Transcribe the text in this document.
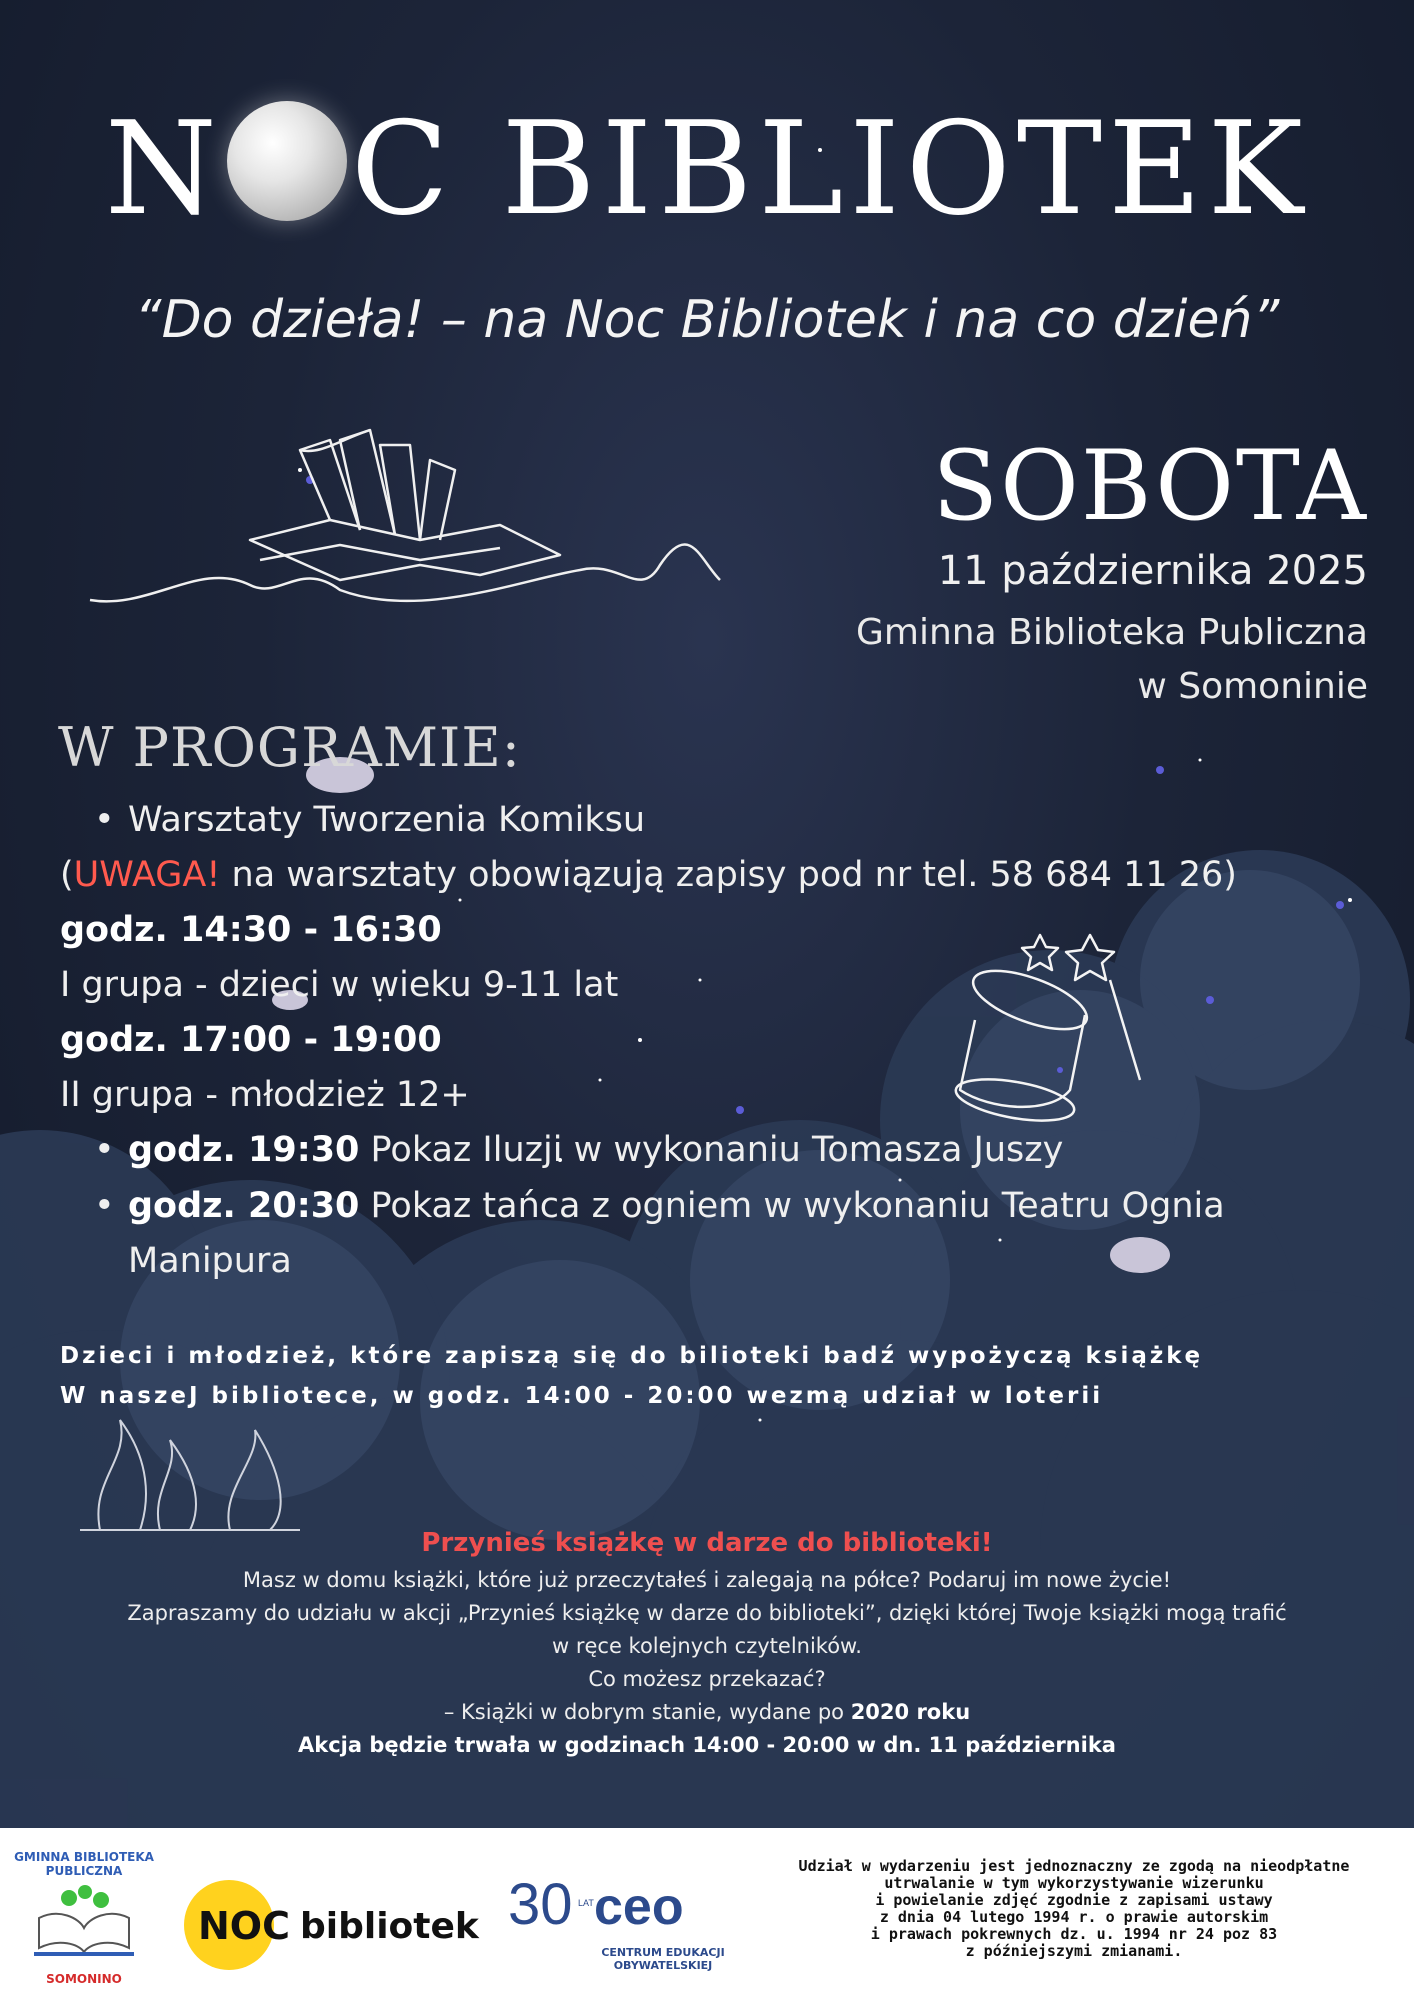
N C BIBLIOTEK
“Do dzieła! – na Noc Bibliotek i na co dzień”
SOBOTA
11 października 2025
Gminna Biblioteka Publiczna
w Somoninie
W PROGRAMIE:
• Warsztaty Tworzenia Komiksu
(UWAGA! na warsztaty obowiązują zapisy pod nr tel. 58 684 11 26)
godz. 14:30 - 16:30
I grupa - dzieci w wieku 9-11 lat
godz. 17:00 - 19:00
II grupa - młodzież 12+
• godz. 19:30 Pokaz Iluzji w wykonaniu Tomasza Juszy
• godz. 20:30 Pokaz tańca z ogniem w wykonaniu Teatru Ognia
Manipura
Dzieci i młodzież, które zapiszą się do bilioteki badź wypożyczą książkę
W naszeJ bibliotece, w godz. 14:00 - 20:00 wezmą udział w loterii
Przynieś książkę w darze do biblioteki!
Masz w domu książki, które już przeczytałeś i zalegają na półce? Podaruj im nowe życie!
Zapraszamy do udziału w akcji „Przynieś książkę w darze do biblioteki”, dzięki której Twoje książki mogą trafić
w ręce kolejnych czytelników.
Co możesz przekazać?
– Książki w dobrym stanie, wydane po 2020 roku
Akcja będzie trwała w godzinach 14:00 - 20:00 w dn. 11 października
GMINNA BIBLIOTEKA
PUBLICZNA
SOMONINO
NOC bibliotek 30 LAT ceo
CENTRUM EDUKACJI
OBYWATELSKIEJ
Udział w wydarzeniu jest jednoznaczny ze zgodą na nieodpłatne
utrwalanie w tym wykorzystywanie wizerunku
i powielanie zdjęć zgodnie z zapisami ustawy
z dnia 04 lutego 1994 r. o prawie autorskim
i prawach pokrewnych dz. u. 1994 nr 24 poz 83
z późniejszymi zmianami.
